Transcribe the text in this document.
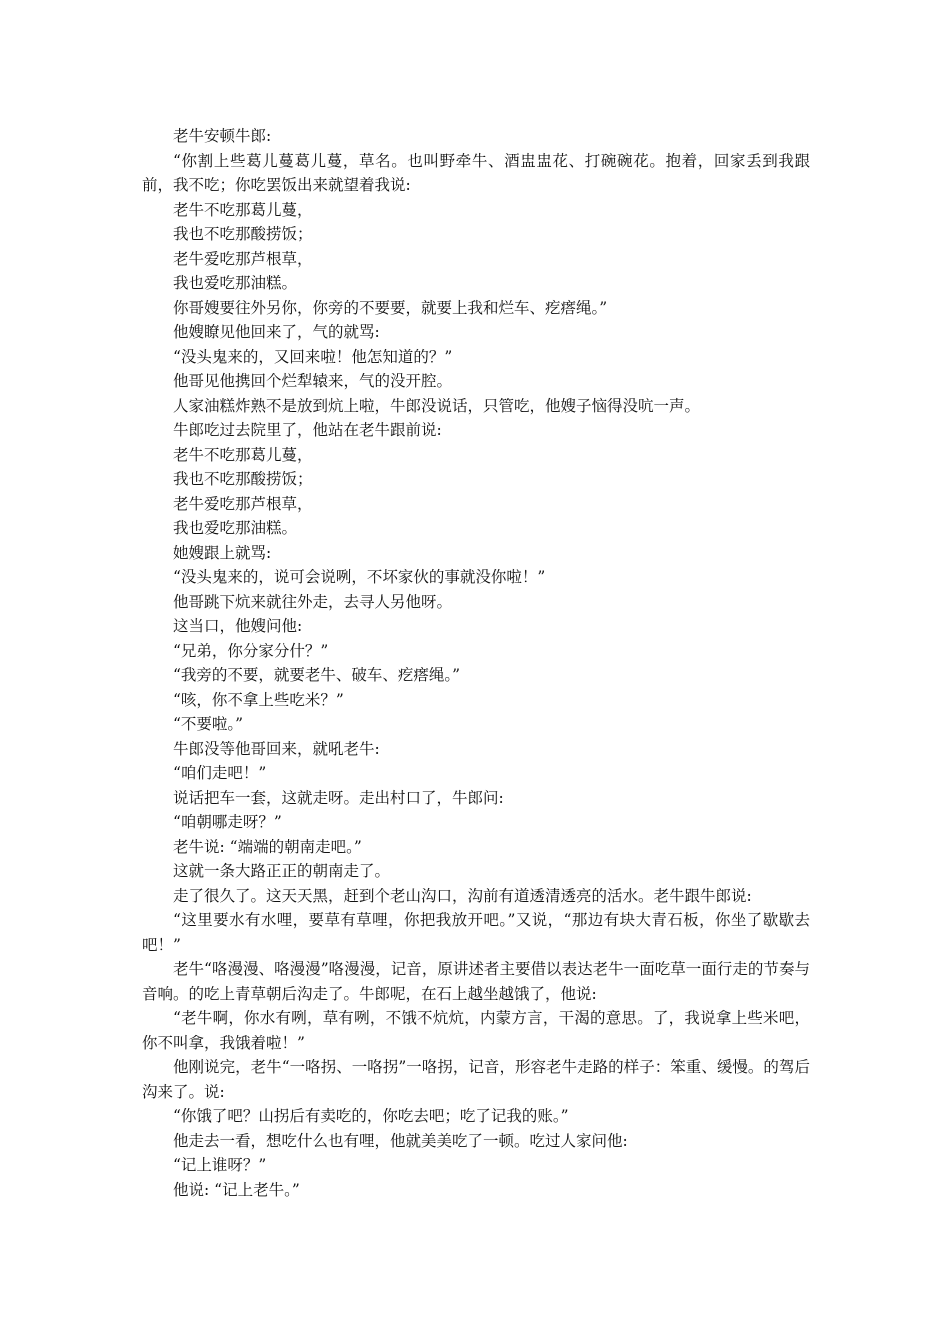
老牛安顿牛郎:

“你割上些葛儿蔓葛儿蔓，草名。也叫野牵牛、酒盅盅花、打碗碗花。抱着，回家丢到我跟前，我不吃；你吃罢饭出来就望着我说:

老牛不吃那葛儿蔓，

我也不吃那酸捞饭；

老牛爱吃那芦根草，

我也爱吃那油糕。

你哥嫂要往外另你，你旁的不要要，就要上我和烂车、疙瘩绳。”

他嫂瞭见他回来了，气的就骂:

“没头鬼来的，又回来啦！他怎知道的？”

他哥见他携回个烂犁辕来，气的没开腔。

人家油糕炸熟不是放到炕上啦，牛郎没说话，只管吃，他嫂子恼得没吭一声。

牛郎吃过去院里了，他站在老牛跟前说:

老牛不吃那葛儿蔓，

我也不吃那酸捞饭；

老牛爱吃那芦根草，

我也爱吃那油糕。

她嫂跟上就骂:

“没头鬼来的，说可会说咧，不坏家伙的事就没你啦！”

他哥跳下炕来就往外走，去寻人另他呀。

这当口，他嫂问他:

“兄弟，你分家分什？”

“我旁的不要，就要老牛、破车、疙瘩绳。”

“咳，你不拿上些吃米？”

“不要啦。”

牛郎没等他哥回来，就吼老牛:

“咱们走吧！”

说话把车一套，这就走呀。走出村口了，牛郎问:

“咱朝哪走呀？”

老牛说: “端端的朝南走吧。”

这就一条大路正正的朝南走了。

走了很久了。这天天黑，赶到个老山沟口，沟前有道透清透亮的活水。老牛跟牛郎说:

“这里要水有水哩，要草有草哩，你把我放开吧。”又说，“那边有块大青石板，你坐了歇歇去吧！”

老牛“咯漫漫、咯漫漫”咯漫漫，记音，原讲述者主要借以表达老牛一面吃草一面行走的节奏与音响。的吃上青草朝后沟走了。牛郎呢，在石上越坐越饿了，他说:

“老牛啊，你水有咧，草有咧，不饿不炕炕，内蒙方言，干渴的意思。了，我说拿上些米吧，你不叫拿，我饿着啦！”

他刚说完，老牛“一咯拐、一咯拐”一咯拐，记音，形容老牛走路的样子：笨重、缓慢。的驾后沟来了。说:

“你饿了吧？山拐后有卖吃的，你吃去吧；吃了记我的账。”

他走去一看，想吃什么也有哩，他就美美吃了一顿。吃过人家问他:

“记上谁呀？”

他说: “记上老牛。”
